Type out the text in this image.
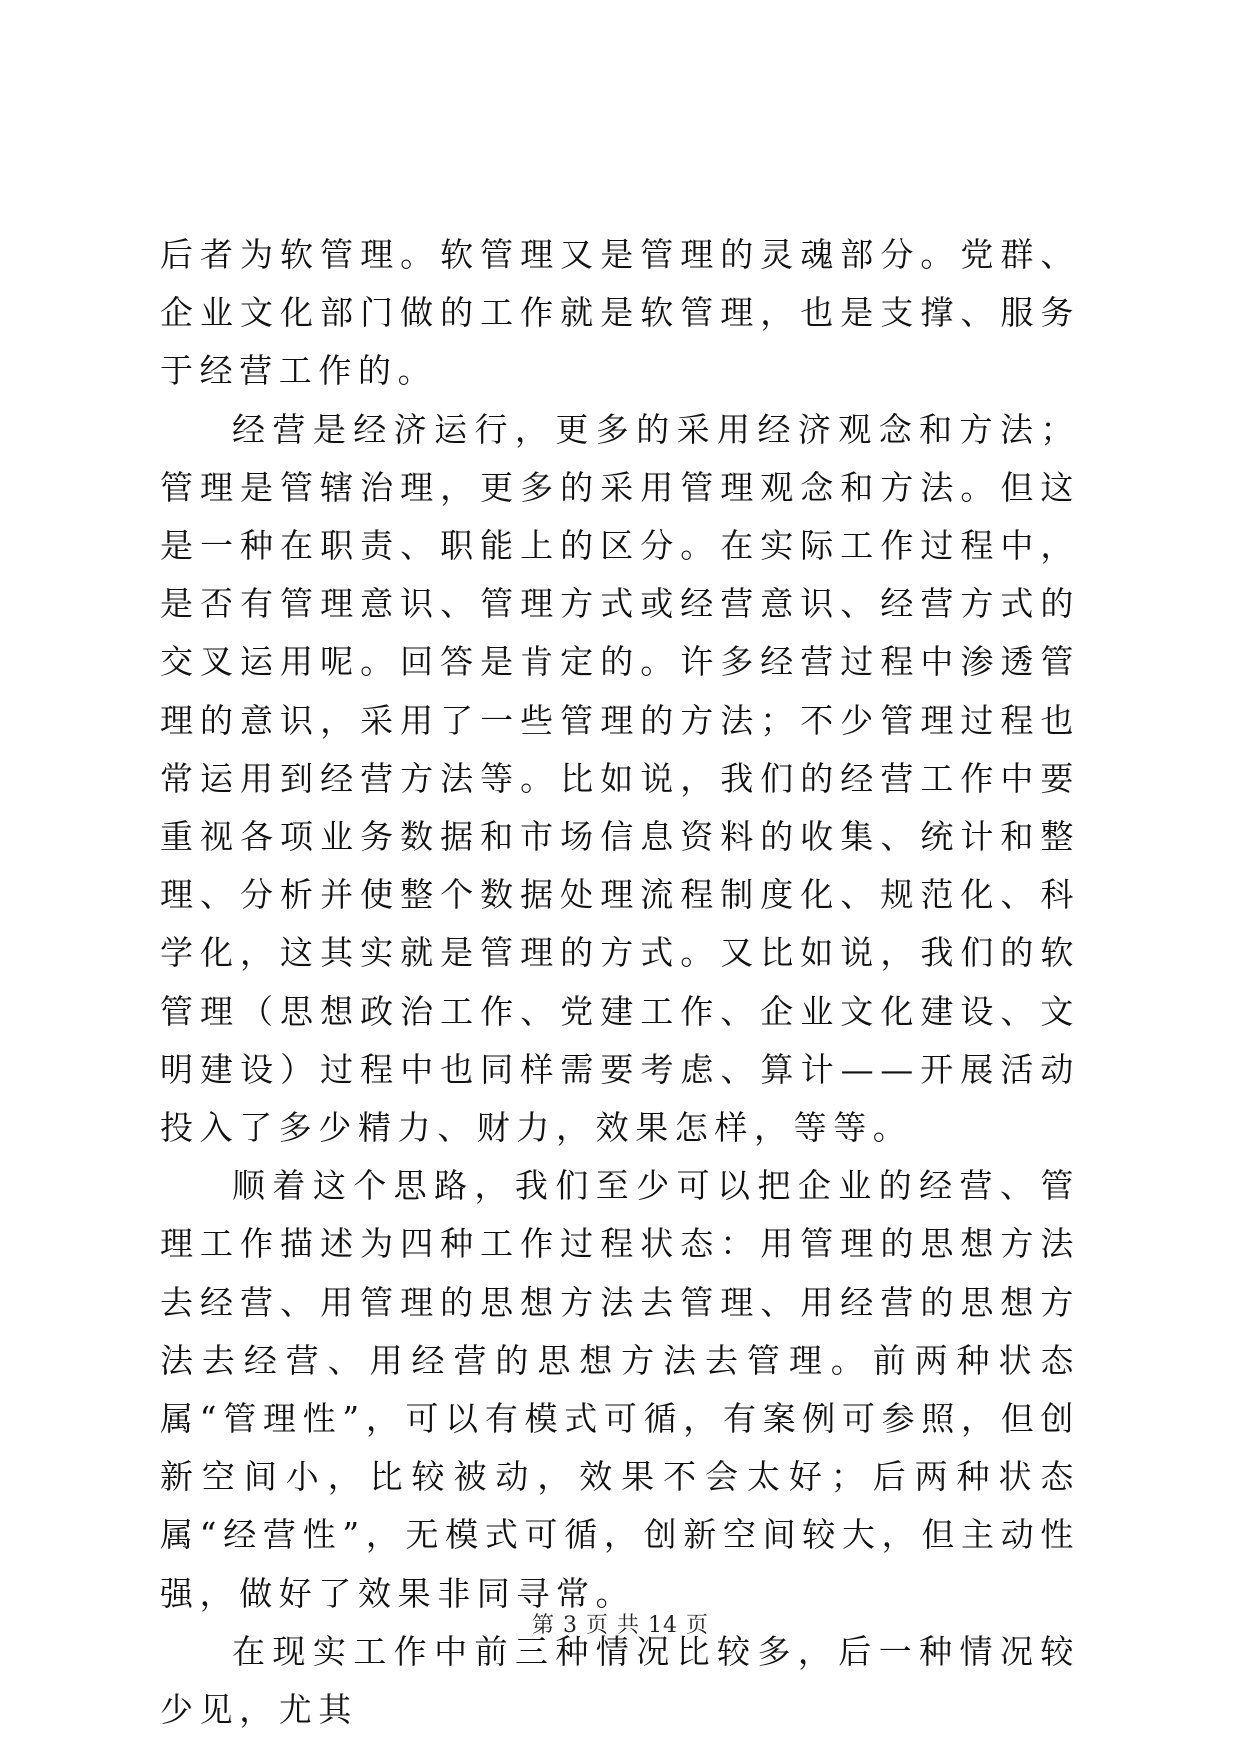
后者为软管理。软管理又是管理的灵魂部分。党群、企业文化部门做的工作就是软管理，也是支撑、服务于经营工作的。

经营是经济运行，更多的采用经济观念和方法；管理是管辖治理，更多的采用管理观念和方法。但这是一种在职责、职能上的区分。在实际工作过程中，是否有管理意识、管理方式或经营意识、经营方式的交叉运用呢。回答是肯定的。许多经营过程中渗透管理的意识，采用了一些管理的方法；不少管理过程也常运用到经营方法等。比如说，我们的经营工作中要重视各项业务数据和市场信息资料的收集、统计和整理、分析并使整个数据处理流程制度化、规范化、科学化，这其实就是管理的方式。又比如说，我们的软管理（思想政治工作、党建工作、企业文化建设、文明建设）过程中也同样需要考虑、算计——开展活动投入了多少精力、财力，效果怎样，等等。

顺着这个思路，我们至少可以把企业的经营、管理工作描述为四种工作过程状态：用管理的思想方法去经营、用管理的思想方法去管理、用经营的思想方法去经营、用经营的思想方法去管理。前两种状态属“管理性”，可以有模式可循，有案例可参照，但创新空间小，比较被动，效果不会太好；后两种状态属“经营性”，无模式可循，创新空间较大，但主动性强，做好了效果非同寻常。

在现实工作中前三种情况比较多，后一种情况较少见，尤其

第 3 页 共 14 页
